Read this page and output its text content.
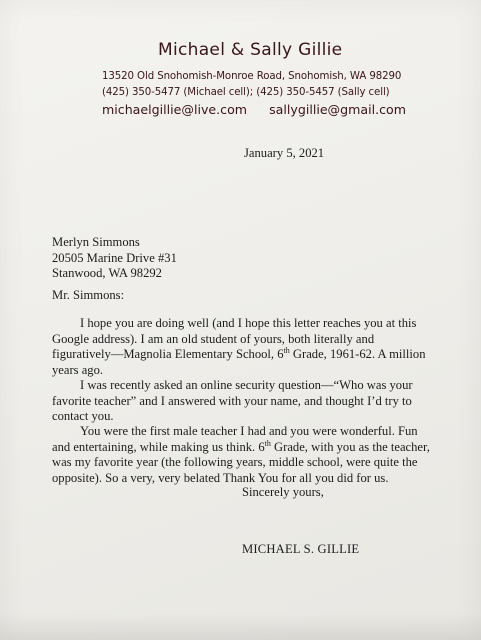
Michael & Sally Gillie
13520 Old Snohomish-Monroe Road, Snohomish, WA 98290
(425) 350-5477 (Michael cell); (425) 350-5457 (Sally cell)
michaelgillie@live.com sallygillie@gmail.com
January 5, 2021
Merlyn Simmons
20505 Marine Drive #31
Stanwood, WA 98292
Mr. Simmons:
I hope you are doing well (and I hope this letter reaches you at this
Google address). I am an old student of yours, both literally and
figuratively—Magnolia Elementary School, 6th Grade, 1961-62. A million
years ago.
I was recently asked an online security question—“Who was your
favorite teacher” and I answered with your name, and thought I’d try to
contact you.
You were the first male teacher I had and you were wonderful. Fun
and entertaining, while making us think. 6th Grade, with you as the teacher,
was my favorite year (the following years, middle school, were quite the
opposite). So a very, very belated Thank You for all you did for us.
Sincerely yours,
MICHAEL S. GILLIE
